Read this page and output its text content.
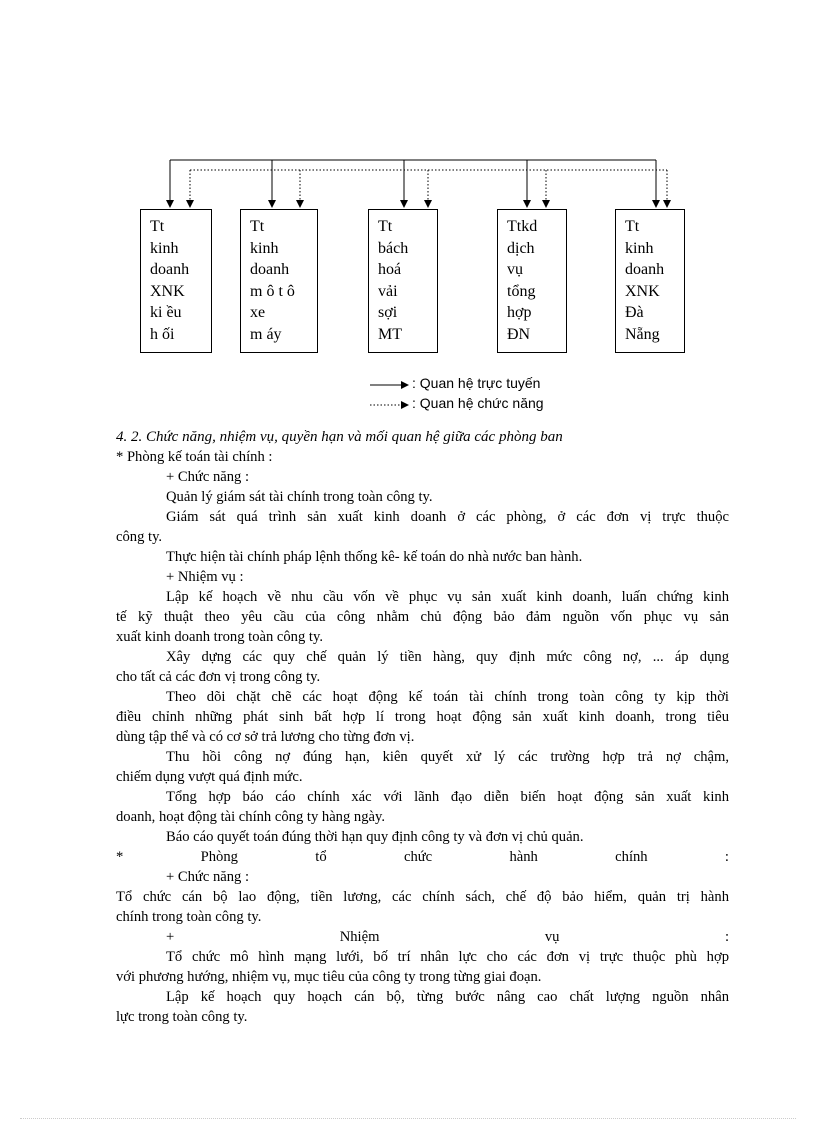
Tt
kinh
doanh
XNK
ki ều
h ối
Tt
kinh
doanh
m ô t ô
xe
m áy
Tt
bách
hoá
vải
sợi
MT
Ttkd
dịch
vụ
tổng
hợp
ĐN
Tt
kinh
doanh
XNK
Đà
Nẵng
: Quan hệ trực tuyến
: Quan hệ chức năng
4. 2. Chức năng, nhiệm vụ, quyền hạn và mối quan hệ giữa các phòng ban
* Phòng kế toán tài chính :
+ Chức năng :
Quản lý giám sát tài chính trong toàn công ty.
Giám sát quá trình sản xuất kinh doanh ở các phòng, ở các đơn vị trực thuộc
công ty.
Thực hiện tài chính pháp lệnh thống kê- kế toán do nhà nước ban hành.
+ Nhiệm vụ :
Lập kế hoạch về nhu cầu vốn về phục vụ sản xuất kinh doanh, luấn chứng kinh
tế kỹ thuật theo yêu cầu của công nhằm chủ động bảo đảm nguồn vốn phục vụ sản
xuất kinh doanh trong toàn công ty.
Xây dựng các quy chế quản lý tiền hàng, quy định mức công nợ, ... áp dụng
cho tất cả các đơn vị trong công ty.
Theo dõi chặt chẽ các hoạt động kế toán tài chính trong toàn công ty kịp thời
điều chỉnh những phát sinh bất hợp lí trong hoạt động sản xuất kinh doanh, trong tiêu
dùng tập thể và có cơ sở trả lương cho từng đơn vị.
Thu hồi công nợ đúng hạn, kiên quyết xử lý các trường hợp trả nợ chậm,
chiếm dụng vượt quá định mức.
Tổng hợp báo cáo chính xác với lãnh đạo diễn biến hoạt động sản xuất kinh
doanh, hoạt động tài chính công ty hàng ngày.
Báo cáo quyết toán đúng thời hạn quy định công ty và đơn vị chủ quản.
* Phòng tổ chức hành chính :
+ Chức năng :
Tổ chức cán bộ lao động, tiền lương, các chính sách, chế độ bảo hiểm, quản trị hành
chính trong toàn công ty.
+ Nhiệm vụ :
Tổ chức mô hình mạng lưới, bố trí nhân lực cho các đơn vị trực thuộc phù hợp
với phương hướng, nhiệm vụ, mục tiêu của công ty trong từng giai đoạn.
Lập kế hoạch quy hoạch cán bộ, từng bước nâng cao chất lượng nguồn nhân
lực trong toàn công ty.
